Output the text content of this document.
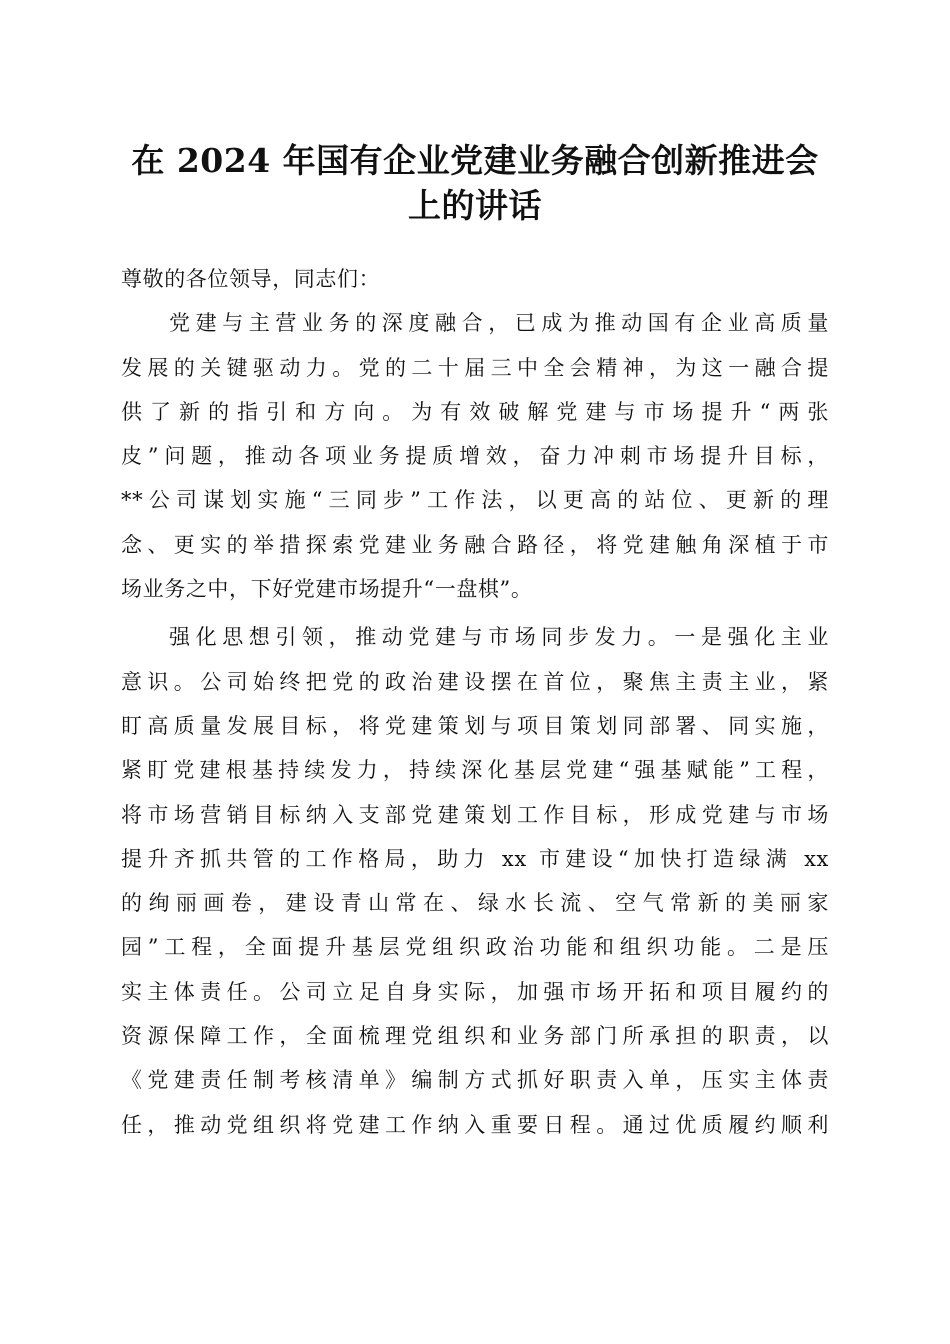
在 2024 年国有企业党建业务融合创新推进会
上的讲话
尊敬的各位领导，同志们：
党建与主营业务的深度融合，已成为推动国有企业高质量
发展的关键驱动力。党的二十届三中全会精神，为这一融合提
供了新的指引和方向。为有效破解党建与市场提升“两张
皮”问题，推动各项业务提质增效，奋力冲刺市场提升目标，
**公司谋划实施“三同步”工作法，以更高的站位、更新的理
念、更实的举措探索党建业务融合路径，将党建触角深植于市
场业务之中，下好党建市场提升“一盘棋”。
强化思想引领，推动党建与市场同步发力。一是强化主业
意识。公司始终把党的政治建设摆在首位，聚焦主责主业，紧
盯高质量发展目标，将党建策划与项目策划同部署、同实施，
紧盯党建根基持续发力，持续深化基层党建“强基赋能”工程，
将市场营销目标纳入支部党建策划工作目标，形成党建与市场
提升齐抓共管的工作格局，助力 xx 市建设“加快打造绿满 xx
的绚丽画卷，建设青山常在、绿水长流、空气常新的美丽家
园”工程，全面提升基层党组织政治功能和组织功能。二是压
实主体责任。公司立足自身实际，加强市场开拓和项目履约的
资源保障工作，全面梳理党组织和业务部门所承担的职责，以
《党建责任制考核清单》编制方式抓好职责入单，压实主体责
任，推动党组织将党建工作纳入重要日程。通过优质履约顺利
